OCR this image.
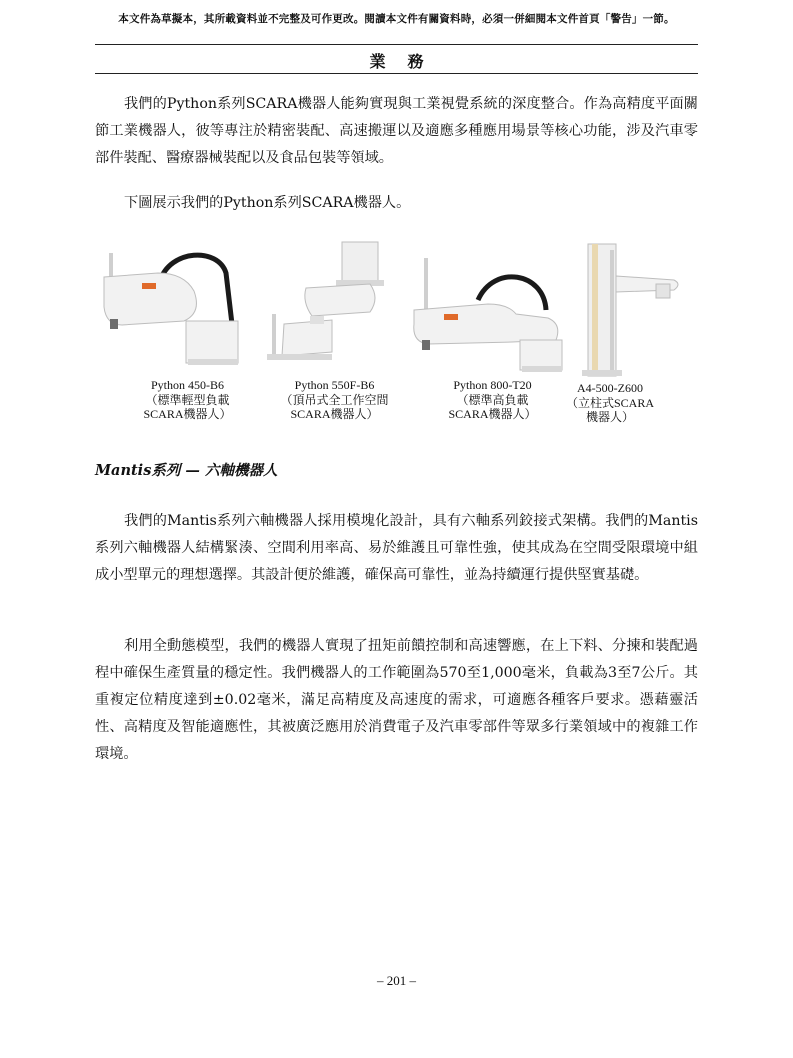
本文件為草擬本，其所載資料並不完整及可作更改。閱讀本文件有關資料時，必須一併細閱本文件首頁「警告」一節。
業務

我們的Python系列SCARA機器人能夠實現與工業視覺系統的深度整合。作為高精度平面關節工業機器人，彼等專注於精密裝配、高速搬運以及適應多種應用場景等核心功能，涉及汽車零部件裝配、醫療器械裝配以及食品包裝等領域。

下圖展示我們的Python系列SCARA機器人。

Python 450-B6
（標準輕型負載SCARA機器人）
Python 550F-B6
（頂吊式全工作空間SCARA機器人）
Python 800-T20
（標準高負載SCARA機器人）
A4-500-Z600
（立柱式SCARA機器人）
Mantis系列 — 六軸機器人

我們的Mantis系列六軸機器人採用模塊化設計，具有六軸系列鉸接式架構。我們的Mantis系列六軸機器人結構緊湊、空間利用率高、易於維護且可靠性強，使其成為在空間受限環境中組成小型單元的理想選擇。其設計便於維護，確保高可靠性，並為持續運行提供堅實基礎。

利用全動態模型，我們的機器人實現了扭矩前饋控制和高速響應，在上下料、分揀和裝配過程中確保生產質量的穩定性。我們機器人的工作範圍為570至1,000毫米，負載為3至7公斤。其重複定位精度達到±0.02毫米，滿足高精度及高速度的需求，可適應各種客戶要求。憑藉靈活性、高精度及智能適應性，其被廣泛應用於消費電子及汽車零部件等眾多行業領域中的複雜工作環境。

– 201 –
